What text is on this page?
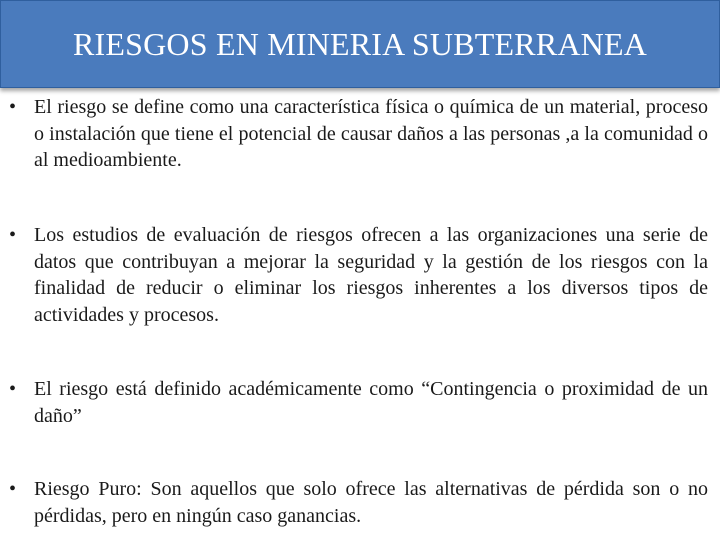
RIESGOS EN MINERIA SUBTERRANEA
• El riesgo se define como una característica física o química de un material, proceso o instalación que tiene el potencial de causar daños a las personas ,a la comunidad o al medioambiente.
• Los estudios de evaluación de riesgos ofrecen a las organizaciones una serie de datos que contribuyan a mejorar la seguridad y la gestión de los riesgos con la finalidad de reducir o eliminar los riesgos inherentes a los diversos tipos de actividades y procesos.
• El riesgo está definido académicamente como “Contingencia o proximidad de un daño”
• Riesgo Puro: Son aquellos que solo ofrece las alternativas de pérdida son o no pérdidas, pero en ningún caso ganancias.
